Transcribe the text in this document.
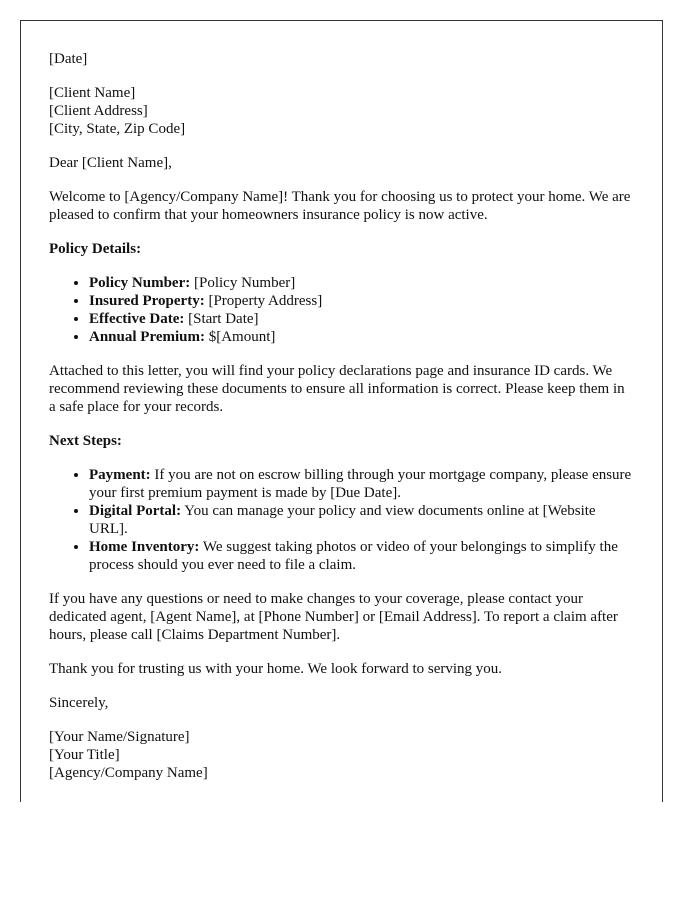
[Date]

[Client Name]
[Client Address]
[City, State, Zip Code]

Dear [Client Name],

Welcome to [Agency/Company Name]! Thank you for choosing us to protect your home. We are pleased to confirm that your homeowners insurance policy is now active.

Policy Details:

• Policy Number: [Policy Number]
• Insured Property: [Property Address]
• Effective Date: [Start Date]
• Annual Premium: $[Amount]

Attached to this letter, you will find your policy declarations page and insurance ID cards. We recommend reviewing these documents to ensure all information is correct. Please keep them in a safe place for your records.

Next Steps:

• Payment: If you are not on escrow billing through your mortgage company, please ensure your first premium payment is made by [Due Date].
• Digital Portal: You can manage your policy and view documents online at [Website URL].
• Home Inventory: We suggest taking photos or video of your belongings to simplify the process should you ever need to file a claim.

If you have any questions or need to make changes to your coverage, please contact your dedicated agent, [Agent Name], at [Phone Number] or [Email Address]. To report a claim after hours, please call [Claims Department Number].

Thank you for trusting us with your home. We look forward to serving you.

Sincerely,

[Your Name/Signature]
[Your Title]
[Agency/Company Name]
